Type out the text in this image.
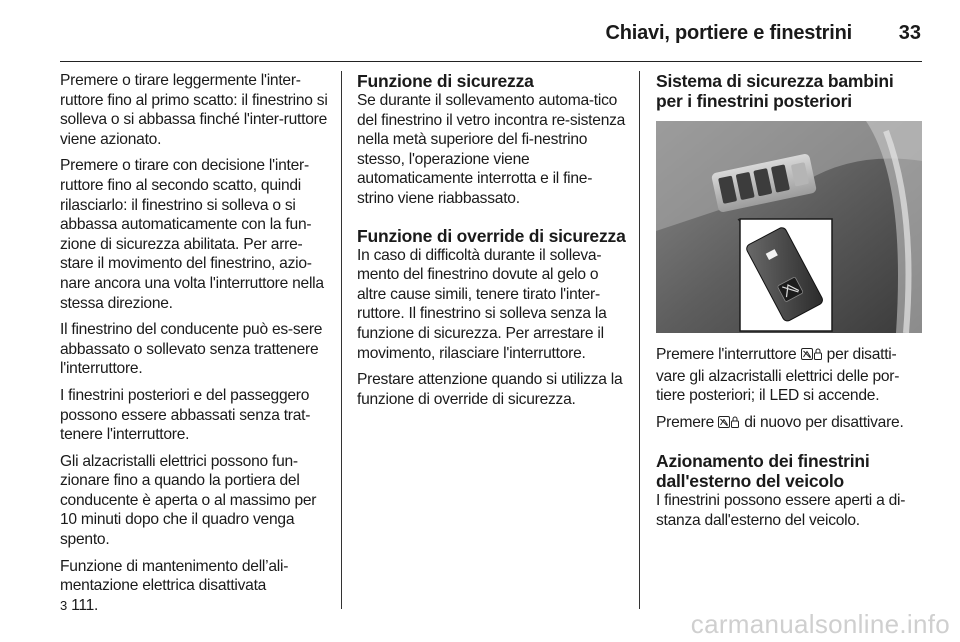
Chiavi, portiere e finestrini 33

Premere o tirare leggermente l'inter-ruttore fino al primo scatto: il finestrino si solleva o si abbassa finché l'inter-ruttore viene azionato.

Premere o tirare con decisione l'inter-ruttore fino al secondo scatto, quindi rilasciarlo: il finestrino si solleva o si abbassa automaticamente con la fun-zione di sicurezza abilitata. Per arre-stare il movimento del finestrino, azio-nare ancora una volta l'interruttore nella stessa direzione.

Il finestrino del conducente può es-sere abbassato o sollevato senza trattenere l'interruttore.

I finestrini posteriori e del passeggero possono essere abbassati senza trat-tenere l'interruttore.

Gli alzacristalli elettrici possono fun-zionare fino a quando la portiera del conducente è aperta o al massimo per 10 minuti dopo che il quadro venga spento.

Funzione di mantenimento dell’ali-mentazione elettrica disattivata
3 111.

Funzione di sicurezza

Se durante il sollevamento automa-tico del finestrino il vetro incontra re-sistenza nella metà superiore del fi-nestrino stesso, l'operazione viene automaticamente interrotta e il fine-strino viene riabbassato.

Funzione di override di sicurezza

In caso di difficoltà durante il solleva-mento del finestrino dovute al gelo o altre cause simili, tenere tirato l'inter-ruttore. Il finestrino si solleva senza la funzione di sicurezza. Per arrestare il movimento, rilasciare l'interruttore.

Prestare attenzione quando si utilizza la funzione di override di sicurezza.

Sistema di sicurezza bambini per i finestrini posteriori

Premere l'interruttore  per disatti-vare gli alzacristalli elettrici delle por-tiere posteriori; il LED si accende.

Premere  di nuovo per disattivare.

Azionamento dei finestrini dall'esterno del veicolo

I finestrini possono essere aperti a di-stanza dall'esterno del veicolo.

carmanualsonline.info
